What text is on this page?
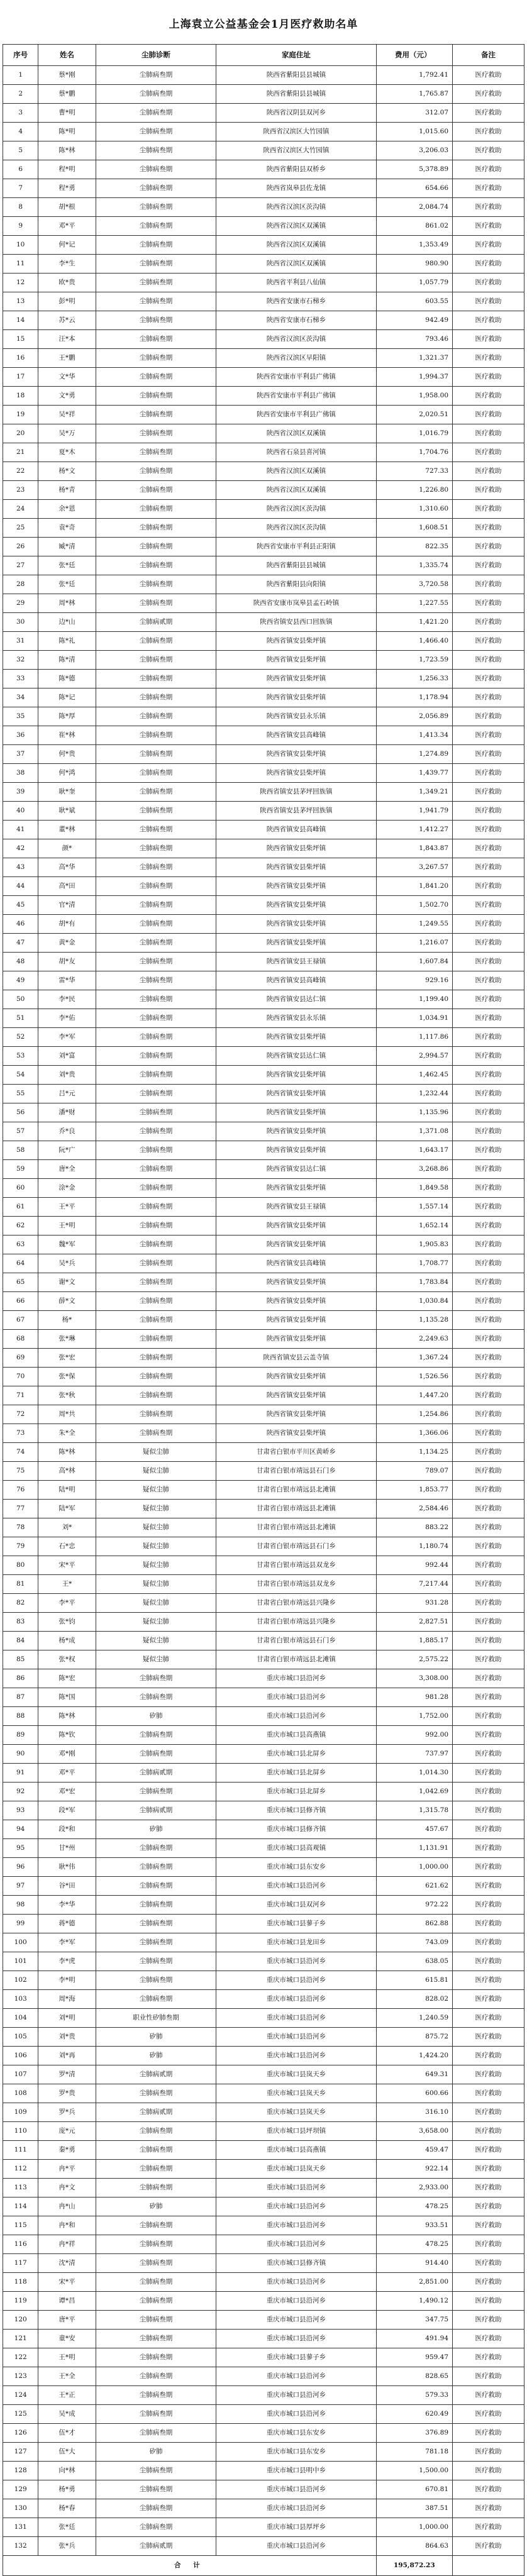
上海袁立公益基金会1月医疗救助名单
序号	姓名	尘肺诊断	家庭住址	费用（元）	备注
1	蔡*刚	尘肺病叁期	陕西省紫阳县县城镇	1,792.41	医疗救助
2	蔡*鹏	尘肺病叁期	陕西省紫阳县县城镇	1,765.87	医疗救助
3	曹*明	尘肺病叁期	陕西省汉阴县双河乡	312.07	医疗救助
4	陈*明	尘肺病叁期	陕西省汉滨区大竹园镇	1,015.60	医疗救助
5	陈*林	尘肺病叁期	陕西省汉滨区大竹园镇	3,206.03	医疗救助
6	程*明	尘肺病叁期	陕西省紫阳县双桥乡	5,378.89	医疗救助
7	程*勇	尘肺病叁期	陕西省岚皋县佐龙镇	654.66	医疗救助
8	胡*根	尘肺病叁期	陕西省汉滨区茨沟镇	2,084.74	医疗救助
9	邓*平	尘肺病叁期	陕西省汉滨区双溪镇	861.02	医疗救助
10	何*记	尘肺病叁期	陕西省汉滨区双溪镇	1,353.49	医疗救助
11	李*生	尘肺病叁期	陕西省汉滨区双溪镇	980.90	医疗救助
12	欧*贵	尘肺病叁期	陕西省平利县八仙镇	1,057.79	医疗救助
13	彭*明	尘肺病叁期	陕西省安康市石梯乡	603.55	医疗救助
14	苏*云	尘肺病叁期	陕西省安康市石梯乡	942.49	医疗救助
15	汪*本	尘肺病叁期	陕西省汉滨区茨沟镇	793.46	医疗救助
16	王*鹏	尘肺病叁期	陕西省汉滨区早阳镇	1,321.37	医疗救助
17	文*华	尘肺病叁期	陕西省安康市平利县广佛镇	1,994.37	医疗救助
18	文*勇	尘肺病叁期	陕西省安康市平利县广佛镇	1,958.00	医疗救助
19	吴*祥	尘肺病叁期	陕西省安康市平利县广佛镇	2,020.51	医疗救助
20	吴*万	尘肺病叁期	陕西省汉滨区双溪镇	1,016.79	医疗救助
21	夏*木	尘肺病叁期	陕西省石泉县喜河镇	1,704.76	医疗救助
22	杨*文	尘肺病叁期	陕西省汉滨区双溪镇	727.33	医疗救助
23	杨*青	尘肺病叁期	陕西省汉滨区双溪镇	1,226.80	医疗救助
24	余*恩	尘肺病叁期	陕西省汉滨区茨沟镇	1,310.60	医疗救助
25	袁*奇	尘肺病叁期	陕西省汉滨区茨沟镇	1,608.51	医疗救助
26	臧*清	尘肺病叁期	陕西省安康市平利县正阳镇	822.35	医疗救助
27	张*廷	尘肺病叁期	陕西省紫阳县县城镇	1,335.74	医疗救助
28	张*廷	尘肺病叁期	陕西省紫阳县向阳镇	3,720.58	医疗救助
29	周*林	尘肺病叁期	陕西省安康市岚皋县孟石岭镇	1,227.55	医疗救助
30	边*山	尘肺病贰期	陕西省镇安县西口回族镇	1,421.20	医疗救助
31	陈*礼	尘肺病叁期	陕西省镇安县柴坪镇	1,466.40	医疗救助
32	陈*清	尘肺病叁期	陕西省镇安县柴坪镇	1,723.59	医疗救助
33	陈*德	尘肺病叁期	陕西省镇安县柴坪镇	1,256.33	医疗救助
34	陈*记	尘肺病叁期	陕西省镇安县柴坪镇	1,178.94	医疗救助
35	陈*厚	尘肺病叁期	陕西省镇安县永乐镇	2,056.89	医疗救助
36	崔*林	尘肺病叁期	陕西省镇安县高峰镇	1,413.34	医疗救助
37	何*贵	尘肺病叁期	陕西省镇安县柴坪镇	1,274.89	医疗救助
38	何*鸿	尘肺病叁期	陕西省镇安县柴坪镇	1,439.77	医疗救助
39	耿*奎	尘肺病叁期	陕西省镇安县茅坪回族镇	1,349.21	医疗救助
40	耿*斌	尘肺病叁期	陕西省镇安县茅坪回族镇	1,941.79	医疗救助
41	董*林	尘肺病叁期	陕西省镇安县高峰镇	1,412.27	医疗救助
42	颜*	尘肺病叁期	陕西省镇安县柴坪镇	1,843.87	医疗救助
43	高*华	尘肺病叁期	陕西省镇安县柴坪镇	3,267.57	医疗救助
44	高*田	尘肺病叁期	陕西省镇安县柴坪镇	1,841.20	医疗救助
45	官*清	尘肺病叁期	陕西省镇安县柴坪镇	1,502.70	医疗救助
46	胡*有	尘肺病叁期	陕西省镇安县柴坪镇	1,249.55	医疗救助
47	黄*金	尘肺病叁期	陕西省镇安县柴坪镇	1,216.07	医疗救助
48	胡*友	尘肺病叁期	陕西省镇安县王禄镇	1,607.84	医疗救助
49	雷*华	尘肺病叁期	陕西省镇安县高峰镇	929.16	医疗救助
50	李*民	尘肺病叁期	陕西省镇安县达仁镇	1,199.40	医疗救助
51	李*佑	尘肺病叁期	陕西省镇安县永乐镇	1,034.91	医疗救助
52	李*军	尘肺病叁期	陕西省镇安县柴坪镇	1,117.86	医疗救助
53	刘*富	尘肺病叁期	陕西省镇安县达仁镇	2,994.57	医疗救助
54	刘*贵	尘肺病叁期	陕西省镇安县柴坪镇	1,462.45	医疗救助
55	吕*元	尘肺病叁期	陕西省镇安县柴坪镇	1,232.44	医疗救助
56	潘*财	尘肺病叁期	陕西省镇安县柴坪镇	1,135.96	医疗救助
57	乔*良	尘肺病叁期	陕西省镇安县柴坪镇	1,371.08	医疗救助
58	阮*广	尘肺病叁期	陕西省镇安县柴坪镇	1,643.17	医疗救助
59	唐*全	尘肺病叁期	陕西省镇安县达仁镇	3,268.86	医疗救助
60	涂*金	尘肺病叁期	陕西省镇安县柴坪镇	1,849.58	医疗救助
61	王*平	尘肺病叁期	陕西省镇安县王禄镇	1,557.14	医疗救助
62	王*明	尘肺病叁期	陕西省镇安县柴坪镇	1,652.14	医疗救助
63	魏*军	尘肺病叁期	陕西省镇安县柴坪镇	1,905.83	医疗救助
64	吴*兵	尘肺病叁期	陕西省镇安县高峰镇	1,708.77	医疗救助
65	谢*文	尘肺病叁期	陕西省镇安县柴坪镇	1,783.84	医疗救助
66	薛*文	尘肺病叁期	陕西省镇安县柴坪镇	1,030.84	医疗救助
67	杨*	尘肺病叁期	陕西省镇安县柴坪镇	1,135.28	医疗救助
68	张*琳	尘肺病叁期	陕西省镇安县柴坪镇	2,249.63	医疗救助
69	张*宏	尘肺病叁期	陕西省镇安县云盖寺镇	1,367.24	医疗救助
70	张*保	尘肺病叁期	陕西省镇安县柴坪镇	1,526.56	医疗救助
71	张*秋	尘肺病叁期	陕西省镇安县柴坪镇	1,447.20	医疗救助
72	周*共	尘肺病叁期	陕西省镇安县柴坪镇	1,254.86	医疗救助
73	朱*全	尘肺病叁期	陕西省镇安县柴坪镇	1,366.06	医疗救助
74	陈*林	疑似尘肺	甘肃省白银市平川区黄峤乡	1,134.25	医疗救助
75	高*林	疑似尘肺	甘肃省白银市靖远县石门乡	789.07	医疗救助
76	陆*明	疑似尘肺	甘肃省白银市靖远县北滩镇	1,853.77	医疗救助
77	陆*军	疑似尘肺	甘肃省白银市靖远县北滩镇	2,584.46	医疗救助
78	刘*	疑似尘肺	甘肃省白银市靖远县北滩镇	883.22	医疗救助
79	石*忠	疑似尘肺	甘肃省白银市靖远县石门乡	1,180.74	医疗救助
80	宋*平	疑似尘肺	甘肃省白银市靖远县双龙乡	992.44	医疗救助
81	王*	疑似尘肺	甘肃省白银市靖远县双龙乡	7,217.44	医疗救助
82	李*平	疑似尘肺	甘肃省白银市靖远县兴隆乡	931.28	医疗救助
83	张*钧	疑似尘肺	甘肃省白银市靖远县兴隆乡	2,827.51	医疗救助
84	杨*成	疑似尘肺	甘肃省白银市靖远县石门乡	1,885.17	医疗救助
85	张*权	疑似尘肺	甘肃省白银市靖远县北滩镇	2,575.22	医疗救助
86	陈*宏	尘肺病叁期	重庆市城口县沿河乡	3,308.00	医疗救助
87	陈*国	尘肺病叁期	重庆市城口县沿河乡	981.28	医疗救助
88	陈*林	矽肺	重庆市城口县沿河乡	1,752.00	医疗救助
89	陈*钦	尘肺病叁期	重庆市城口县高燕镇	992.00	医疗救助
90	邓*刚	尘肺病叁期	重庆市城口县北屏乡	737.97	医疗救助
91	邓*平	尘肺病贰期	重庆市城口县北屏乡	1,014.30	医疗救助
92	邓*宏	尘肺病叁期	重庆市城口县北屏乡	1,042.69	医疗救助
93	段*军	尘肺病贰期	重庆市城口县修齐镇	1,315.78	医疗救助
94	段*和	矽肺	重庆市城口县修齐镇	457.67	医疗救助
95	甘*州	尘肺病叁期	重庆市城口县高观镇	1,131.91	医疗救助
96	耿*伟	尘肺病叁期	重庆市城口县东安乡	1,000.00	医疗救助
97	谷*田	尘肺病叁期	重庆市城口县沿河乡	621.62	医疗救助
98	李*华	尘肺病叁期	重庆市城口县双河乡	972.22	医疗救助
99	蒋*德	尘肺病叁期	重庆市城口县蓼子乡	862.88	医疗救助
100	李*军	尘肺病叁期	重庆市城口县龙田乡	743.09	医疗救助
101	李*虎	尘肺病叁期	重庆市城口县沿河乡	638.05	医疗救助
102	李*明	尘肺病叁期	重庆市城口县沿河乡	615.81	医疗救助
103	周*海	尘肺病叁期	重庆市城口县沿河乡	828.02	医疗救助
104	刘*明	职业性矽肺叁期	重庆市城口县沿河乡	1,240.59	医疗救助
105	刘*贵	矽肺	重庆市城口县沿河乡	875.72	医疗救助
106	刘*再	矽肺	重庆市城口县沿河乡	1,424.20	医疗救助
107	罗*清	尘肺病贰期	重庆市城口县岚天乡	649.31	医疗救助
108	罗*贵	尘肺病叁期	重庆市城口县岚天乡	600.66	医疗救助
109	罗*兵	尘肺病贰期	重庆市城口县岚天乡	316.10	医疗救助
110	庞*元	尘肺病叁期	重庆市城口县坪坝镇	3,658.00	医疗救助
111	秦*勇	尘肺病叁期	重庆市城口县高燕镇	459.47	医疗救助
112	冉*平	尘肺病叁期	重庆市城口县岚天乡	922.14	医疗救助
113	冉*文	尘肺病叁期	重庆市城口县沿河乡	2,933.00	医疗救助
114	冉*山	矽肺	重庆市城口县沿河乡	478.25	医疗救助
115	冉*和	尘肺病叁期	重庆市城口县沿河乡	933.51	医疗救助
116	冉*祥	尘肺病叁期	重庆市城口县沿河乡	478.25	医疗救助
117	沈*清	尘肺病叁期	重庆市城口县修齐镇	914.40	医疗救助
118	宋*平	尘肺病叁期	重庆市城口县沿河乡	2,851.00	医疗救助
119	谭*昌	尘肺病叁期	重庆市城口县沿河乡	1,490.12	医疗救助
120	唐*平	尘肺病叁期	重庆市城口县沿河乡	347.75	医疗救助
121	童*安	尘肺病叁期	重庆市城口县沿河乡	491.94	医疗救助
122	王*明	尘肺病叁期	重庆市城口县蓼子乡	959.47	医疗救助
123	王*全	尘肺病叁期	重庆市城口县沿河乡	828.65	医疗救助
124	王*正	尘肺病叁期	重庆市城口县沿河乡	579.33	医疗救助
125	吴*成	尘肺病叁期	重庆市城口县沿河乡	620.49	医疗救助
126	伍*才	尘肺病叁期	重庆市城口县东安乡	376.89	医疗救助
127	伍*大	矽肺	重庆市城口县东安乡	781.18	医疗救助
128	向*林	尘肺病叁期	重庆市城口县明中乡	1,500.00	医疗救助
129	杨*勇	尘肺病叁期	重庆市城口县沿河乡	670.81	医疗救助
130	杨*春	尘肺病叁期	重庆市城口县沿河乡	387.51	医疗救助
131	张*廷	尘肺病叁期	重庆市城口县厚坪乡	1,000.00	医疗救助
132	张*兵	尘肺病贰期	重庆市城口县沿河乡	864.63	医疗救助
合 计				195,872.23	
